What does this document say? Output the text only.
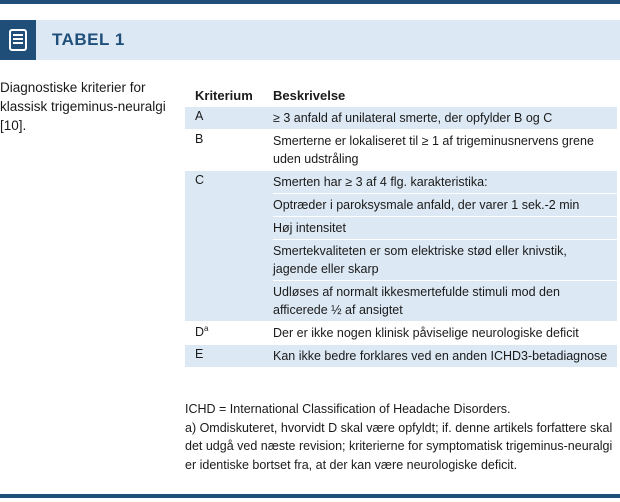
TABEL 1
Diagnostiske kriterier for klassisk trigeminus-neuralgi [10].
Kriterium	Beskrivelse
A	≥ 3 anfald af unilateral smerte, der opfylder B og C
B	Smerterne er lokaliseret til ≥ 1 af trigeminusnervens grene uden udstråling
C	Smerten har ≥ 3 af 4 flg. karakteristika:
Optræder i paroksysmale anfald, der varer 1 sek.-2 min
Høj intensitet
Smertekvaliteten er som elektriske stød eller knivstik, jagende eller skarp
Udløses af normalt ikkesmertefulde stimuli mod den afficerede ½ af ansigtet
$D^a$	Der er ikke nogen klinisk påviselige neurologiske deficit
E	Kan ikke bedre forklares ved en anden ICHD3-betadiagnose
ICHD = International Classification of Headache Disorders.
a) Omdiskuteret, hvorvidt D skal være opfyldt; if. denne artikels forfattere skal det udgå ved næste revision; kriterierne for symptomatisk trigeminus-neuralgi er identiske bortset fra, at der kan være neurologiske deficit.
